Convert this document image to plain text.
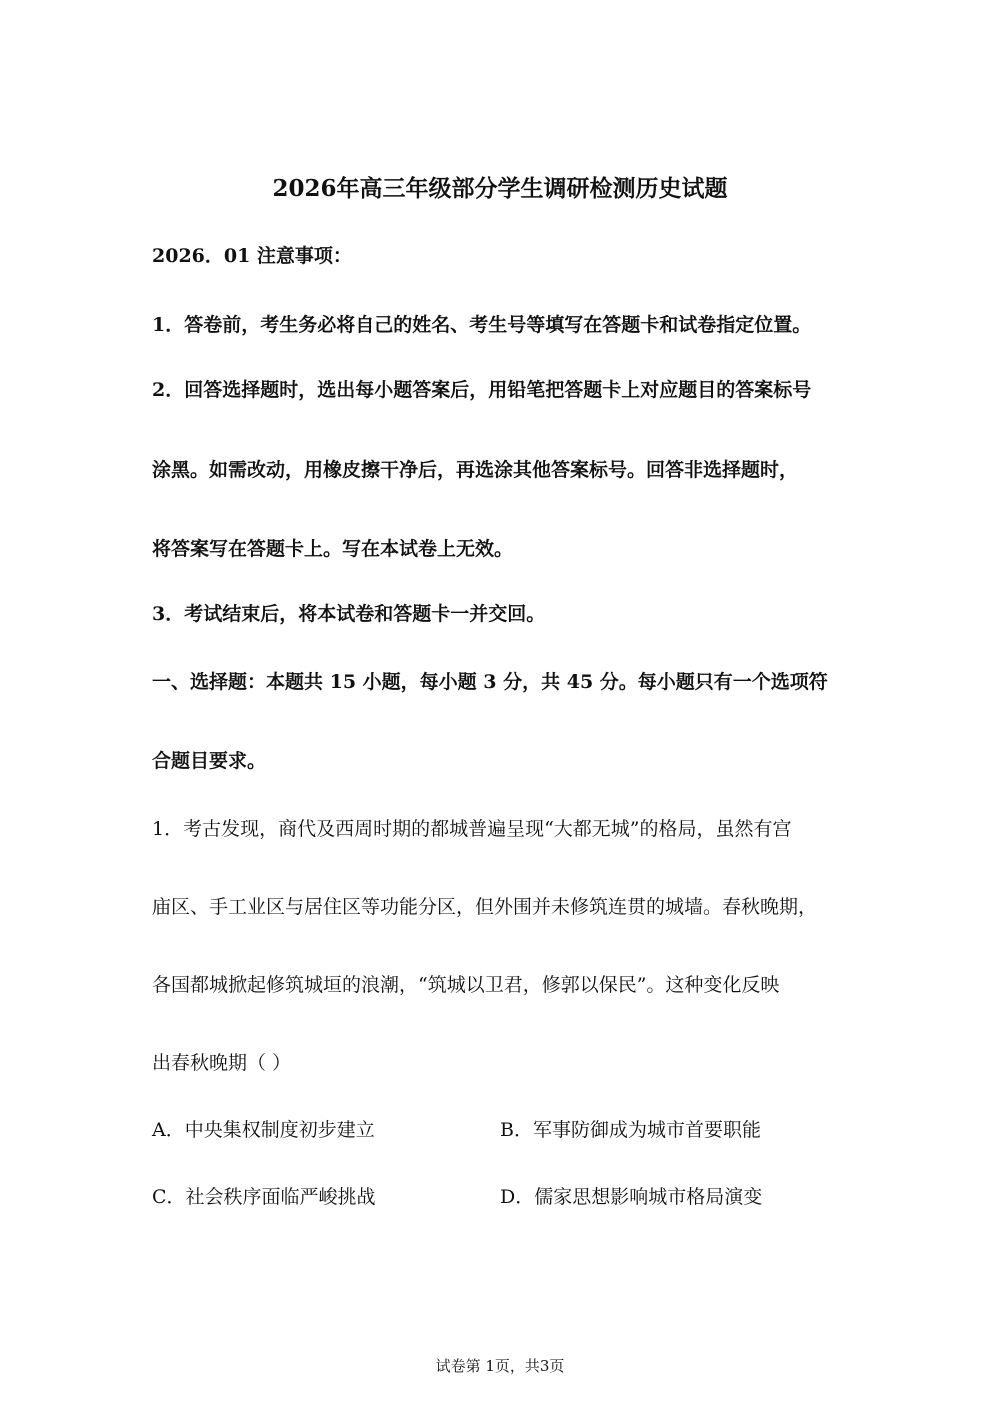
2026年高三年级部分学生调研检测历史试题
2026．01 注意事项：
1．答卷前，考生务必将自己的姓名、考生号等填写在答题卡和试卷指定位置。
2．回答选择题时，选出每小题答案后，用铅笔把答题卡上对应题目的答案标号
涂黑。如需改动，用橡皮擦干净后，再选涂其他答案标号。回答非选择题时，
将答案写在答题卡上。写在本试卷上无效。
3．考试结束后，将本试卷和答题卡一并交回。
一、选择题：本题共 15 小题，每小题 3 分，共 45 分。每小题只有一个选项符
合题目要求。
1．考古发现，商代及西周时期的都城普遍呈现“大都无城”的格局，虽然有宫
庙区、手工业区与居住区等功能分区，但外围并未修筑连贯的城墙。春秋晚期，
各国都城掀起修筑城垣的浪潮，“筑城以卫君，修郭以保民”。这种变化反映
出春秋晚期（ ）
A．中央集权制度初步建立	B．军事防御成为城市首要职能
C．社会秩序面临严峻挑战	D．儒家思想影响城市格局演变
试卷第 1页，共3页
